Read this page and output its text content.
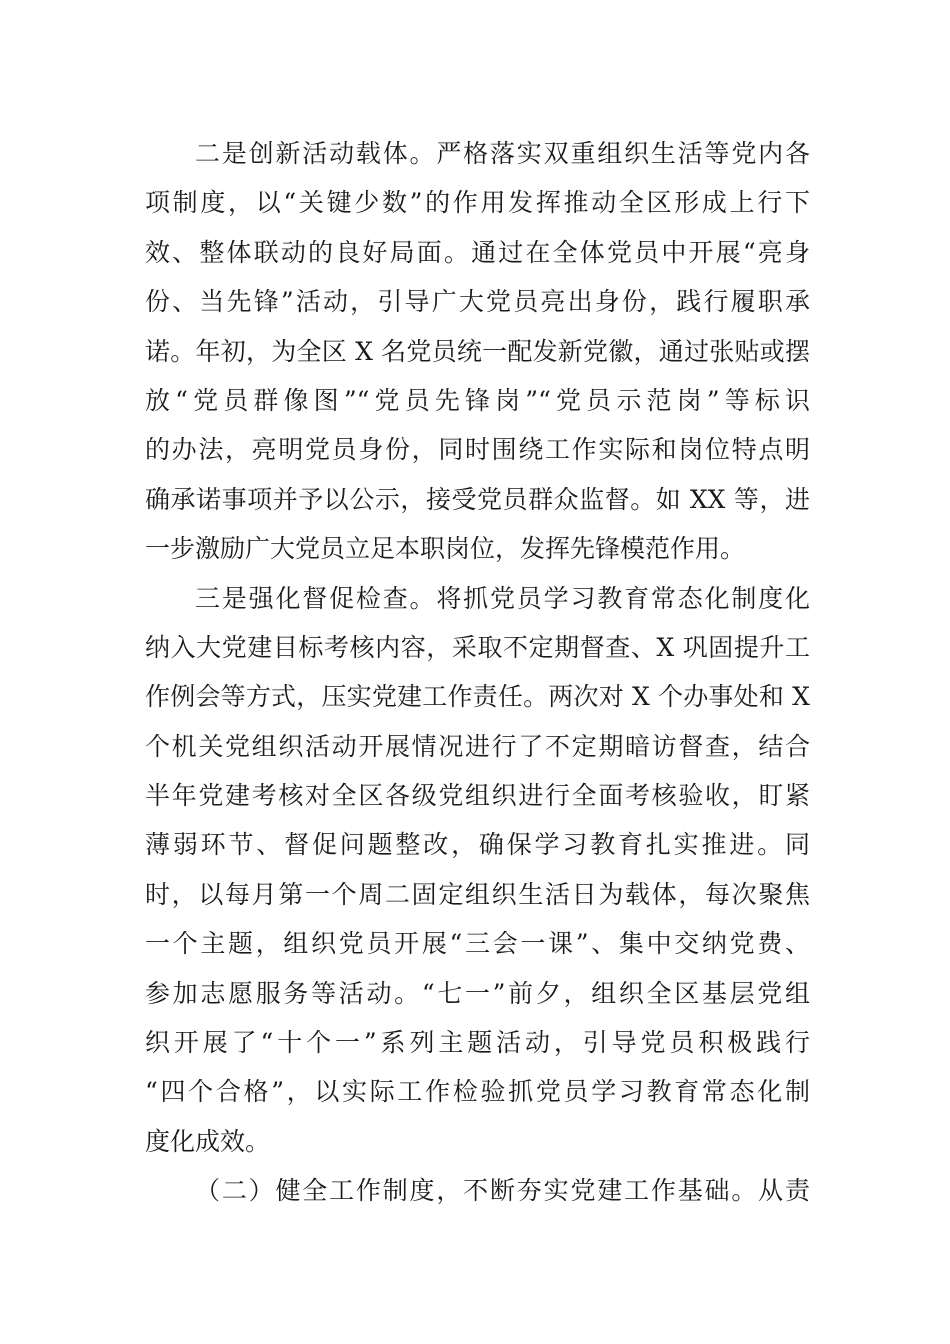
二是创新活动载体。严格落实双重组织生活等党内各
项制度，以“关键少数”的作用发挥推动全区形成上行下
效、整体联动的良好局面。通过在全体党员中开展“亮身
份、当先锋”活动，引导广大党员亮出身份，践行履职承
诺。年初，为全区 X 名党员统一配发新党徽，通过张贴或摆
放“党员群像图”“党员先锋岗”“党员示范岗”等标识
的办法，亮明党员身份，同时围绕工作实际和岗位特点明
确承诺事项并予以公示，接受党员群众监督。如 XX 等，进
一步激励广大党员立足本职岗位，发挥先锋模范作用。
三是强化督促检查。将抓党员学习教育常态化制度化
纳入大党建目标考核内容，采取不定期督查、X 巩固提升工
作例会等方式，压实党建工作责任。两次对 X 个办事处和 X
个机关党组织活动开展情况进行了不定期暗访督查，结合
半年党建考核对全区各级党组织进行全面考核验收，盯紧
薄弱环节、督促问题整改，确保学习教育扎实推进。同
时，以每月第一个周二固定组织生活日为载体，每次聚焦
一个主题，组织党员开展“三会一课”、集中交纳党费、
参加志愿服务等活动。“七一”前夕，组织全区基层党组
织开展了“十个一”系列主题活动，引导党员积极践行
“四个合格”，以实际工作检验抓党员学习教育常态化制
度化成效。
（二）健全工作制度，不断夯实党建工作基础。从责
